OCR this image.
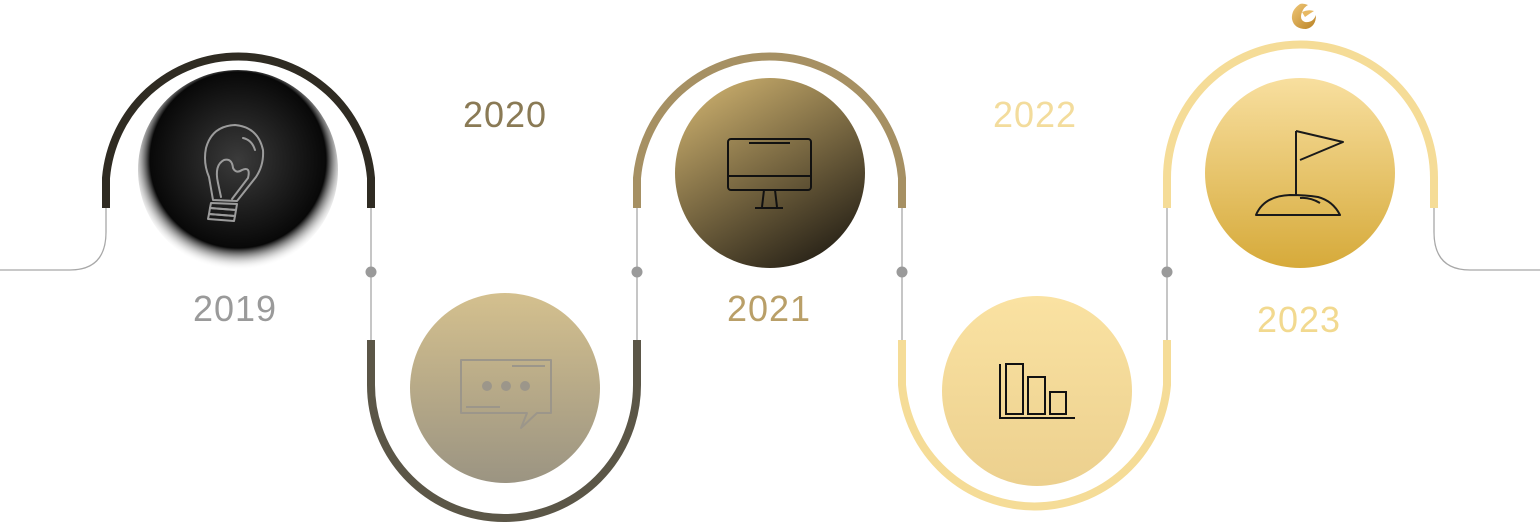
2019
2020
2021
2022
2023
